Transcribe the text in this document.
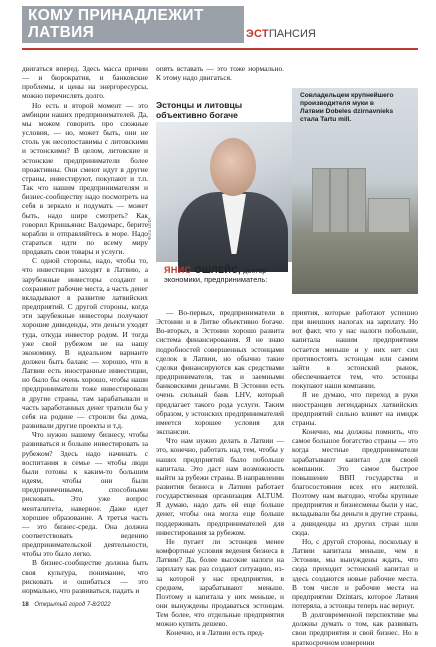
КОМУ ПРИНАДЛЕЖИТ ЛАТВИЯ	ЭСТПАНСИЯ

двигаться вперед. Здесь масса причин — и бюрократия, и банковские проблемы, и цены на энергоресурсы, можно перечислять долго.

Но есть и второй момент — это амбиции наших предпринимателей. Да, мы можем говорить про сложные условия, — но, может быть, они не столь уж несопоставимы с литовскими и эстонскими? В целом, литовские и эстонские предприниматели более проактивны. Они смеют идут в другие страны, инвестируют, покупают и т.п. Так что нашим предпринимателям и бизнес-сообществу надо посмотреть на себя в зеркало и подумать — может быть, надо шире смотреть? Как говорил Кришьянис Валдемарс, берите корабли и отправляйтесь в море. Надо стараться идти по всему миру продавать свои товары и услуги.

С одной стороны, надо, чтобы то, что инвестиции заходят в Латвию, а зарубежные инвесторы создают и сохраняют рабочие места, а часть денег вкладывают в развитие латвийских предприятий. С другой стороны, когда эти зарубежные инвесторы получают хорошие дивиденды, эти деньги уходят туда, откуда инвестор родом. И тогда уже свой рубежом не на нашу экономику. В идеальном варианте должен быть баланс — хорошо, что в Латвии есть иностранные инвестиции, но было бы очень хорошо, чтобы наши предприниматели тоже инвестировали в другие страны, там зарабатывали и часть заработанных денег тратили бы у себя на родине — строили бы дома, развивали другие проекты и т.д.

Что нужно нашему бизнесу, чтобы развиваться и больше инвестировать за рубежом? Здесь надо начинать с воспитания в семье — чтобы люди были готовы к каким-то большим идеям, чтобы они были предприимчивыми, способными рисковать. Это уже вопрос менталитета, наверное. Даже идет хорошее образование. А третья часть — это бизнес-среда. Она должна соответствовать ведению предпринимательской деятельности, чтобы это было легко.

В бизнес-сообществе должна быть своя культура, понимание, что рисковать и ошибаться — это нормально, что развиваться, падать и

опять вставать — это тоже нормально. К этому надо двигаться.

Эстонцы и литовцы объективно богаче
Фото LETA
Совладельцем крупнейшего производителя муки в Латвии Dobeles dzirnavnieks стала Tartu mill.
ЯНИС ОШЛЕЙС, доктор экономики, предприниматель:

— Во-первых, предприниматели в Эстонии и в Литве объективно богаче. Во-вторых, в Эстонии хорошо развита система финансирования. Я не знаю подробностей совершенных эстонцами сделок в Латвии, но обычно такие сделки финансируются как средствами предпринимателя, так и заемными банковскими деньгами. В Эстонии есть очень сильный банк LHV, который предлагает такого рода услуги. Таким образом, у эстонских предпринимателей имеется хорошее условия для экспансии.

Что нам нужно делать в Латвии — это, конечно, работать над тем, чтобы у наших предприятий было побольше капитала. Это даст нам возможность выйти за рубежи страны. В направлении развития бизнеса в Латвии работает государственная организация ALTUM. Я думаю, надо дать ей еще больше денег, чтобы она могла еще больше поддерживать предпринимателей для инвестирования за рубежом.

Не пугает ли эстонцев менее комфортные условия ведения бизнеса в Латвии? Да, более высокие налоги на зарплату как раз создают ситуацию, из-за которой у нас предприятия, в среднем, зарабатывают меньше. Поэтому и капитала у них меньше, и они вынуждены продаваться эстонцам. Тем более, что отдельные предприятия можно купить дешево.

Конечно, и в Латвии есть пред-

приятия, которые работают успешно при внешних налогах на зарплату. Но вот факт, что у нас налоги побольше, капитала нашим предприятиям остается меньше и у них нет сил противостоять эстонцам или самим зайти в эстонский рынок, обеспечивается тем, что эстонцы покупают наши компании.

Я не думаю, что переход в руки иностранцев легендарных латвийских предприятий сильно влияет на имидж страны.

Конечно, мы должны помнить, что самое большое богатство страны — это когда местные предприниматели зарабатывают капитал для своей компании. Это самое быстрое повышение ВВП государства и благосостояния всех его жителей. Поэтому нам выгодно, чтобы крупные предприятия и бизнесмены были у нас, вкладывали бы деньги в другие страны, а дивиденды из других стран шли сюда.

Но, с другой стороны, поскольку в Латвии капитала меньше, чем в Эстонии, мы вынуждены ждать, что сюда приходит эстонский капитал и здесь создаются новые рабочие места. В том числе и рабочие места на предприятии Dzintars, которое Латвия потеряла, а эстонцы теперь нас вернут.

В долговременной перспективе мы должны думать о том, как развивать свои предприятия и свой бизнес. Но в краткосрочном измерении

18 Открытый город 7-8/2022
